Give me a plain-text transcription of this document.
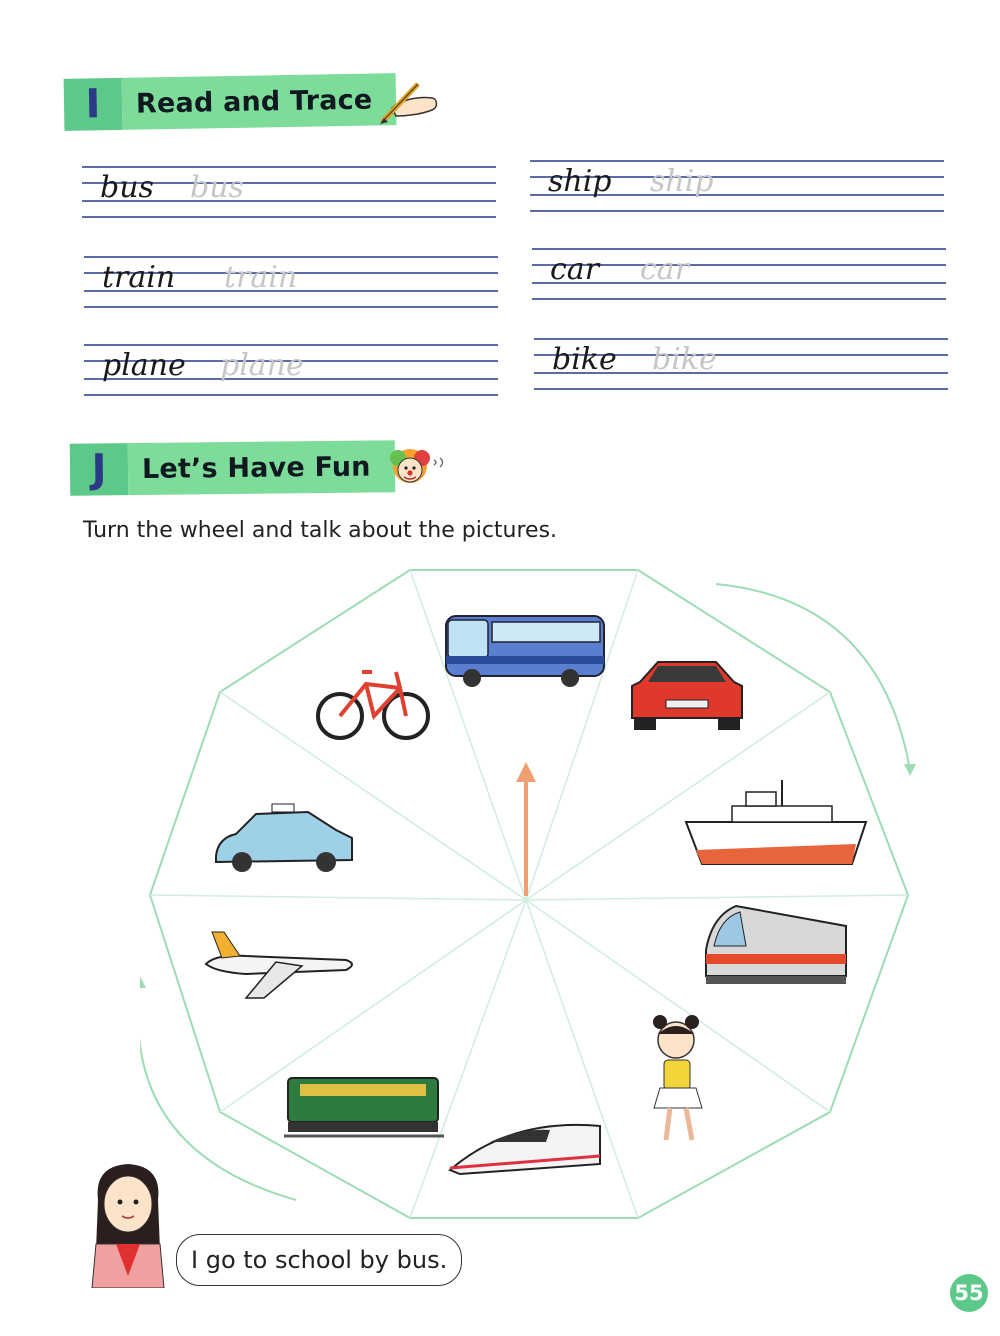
I	Read and Trace
bus bus	ship ship
train train	car car
plane plane	bike bike
J	Let’s Have Fun
Turn the wheel and talk about the pictures.
I go to school by bus.
55
